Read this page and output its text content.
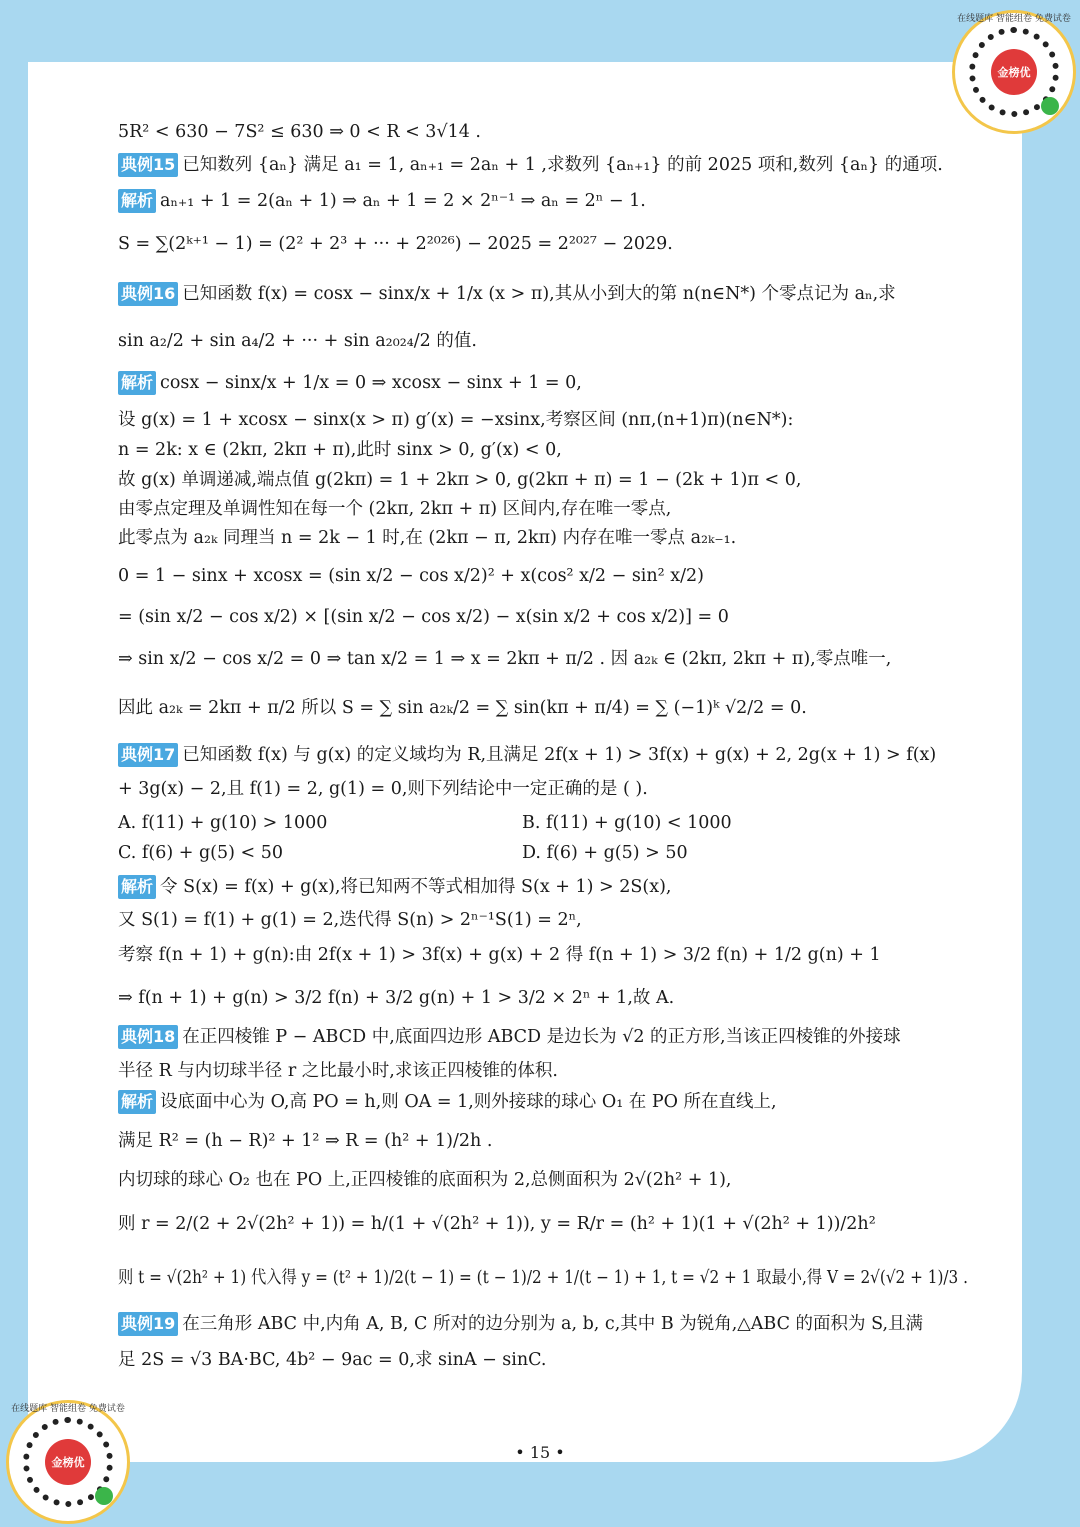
在线题库 智能组卷 免费试卷
金榜优
在线题库 智能组卷 免费试卷
金榜优
5R² < 630 − 7S² ≤ 630 ⇒ 0 < R < 3√14 .
典例15 已知数列 {aₙ} 满足 a₁ = 1, aₙ₊₁ = 2aₙ + 1 ,求数列 {aₙ₊₁} 的前 2025 项和,数列 {aₙ} 的通项.
解析 aₙ₊₁ + 1 = 2(aₙ + 1) ⇒ aₙ + 1 = 2 × 2ⁿ⁻¹ ⇒ aₙ = 2ⁿ − 1.
S = ∑(2ᵏ⁺¹ − 1) = (2² + 2³ + ··· + 2²⁰²⁶) − 2025 = 2²⁰²⁷ − 2029.
典例16 已知函数 f(x) = cosx − sinx/x + 1/x (x > π),其从小到大的第 n(n∈N*) 个零点记为 aₙ,求
sin a₂/2 + sin a₄/2 + ··· + sin a₂₀₂₄/2 的值.
解析 cosx − sinx/x + 1/x = 0 ⇒ xcosx − sinx + 1 = 0,
设 g(x) = 1 + xcosx − sinx(x > π) g′(x) = −xsinx,考察区间 (nπ,(n+1)π)(n∈N*):
n = 2k: x ∈ (2kπ, 2kπ + π),此时 sinx > 0, g′(x) < 0,
故 g(x) 单调递减,端点值 g(2kπ) = 1 + 2kπ > 0, g(2kπ + π) = 1 − (2k + 1)π < 0,
由零点定理及单调性知在每一个 (2kπ, 2kπ + π) 区间内,存在唯一零点,
此零点为 a₂ₖ 同理当 n = 2k − 1 时,在 (2kπ − π, 2kπ) 内存在唯一零点 a₂ₖ₋₁.
0 = 1 − sinx + xcosx = (sin x/2 − cos x/2)² + x(cos² x/2 − sin² x/2)
= (sin x/2 − cos x/2) × [(sin x/2 − cos x/2) − x(sin x/2 + cos x/2)] = 0
⇒ sin x/2 − cos x/2 = 0 ⇒ tan x/2 = 1 ⇒ x = 2kπ + π/2 . 因 a₂ₖ ∈ (2kπ, 2kπ + π),零点唯一,
因此 a₂ₖ = 2kπ + π/2 所以 S = ∑ sin a₂ₖ/2 = ∑ sin(kπ + π/4) = ∑ (−1)ᵏ √2/2 = 0.
典例17 已知函数 f(x) 与 g(x) 的定义域均为 R,且满足 2f(x + 1) > 3f(x) + g(x) + 2, 2g(x + 1) > f(x)
+ 3g(x) − 2,且 f(1) = 2, g(1) = 0,则下列结论中一定正确的是 ( ).
A. f(11) + g(10) > 1000	B. f(11) + g(10) < 1000
C. f(6) + g(5) < 50	D. f(6) + g(5) > 50
解析 令 S(x) = f(x) + g(x),将已知两不等式相加得 S(x + 1) > 2S(x),
又 S(1) = f(1) + g(1) = 2,迭代得 S(n) > 2ⁿ⁻¹S(1) = 2ⁿ,
考察 f(n + 1) + g(n):由 2f(x + 1) > 3f(x) + g(x) + 2 得 f(n + 1) > 3/2 f(n) + 1/2 g(n) + 1
⇒ f(n + 1) + g(n) > 3/2 f(n) + 3/2 g(n) + 1 > 3/2 × 2ⁿ + 1,故 A.
典例18 在正四棱锥 P − ABCD 中,底面四边形 ABCD 是边长为 √2 的正方形,当该正四棱锥的外接球
半径 R 与内切球半径 r 之比最小时,求该正四棱锥的体积.
解析 设底面中心为 O,高 PO = h,则 OA = 1,则外接球的球心 O₁ 在 PO 所在直线上,
满足 R² = (h − R)² + 1² ⇒ R = (h² + 1)/2h .
内切球的球心 O₂ 也在 PO 上,正四棱锥的底面积为 2,总侧面积为 2√(2h² + 1),
则 r = 2/(2 + 2√(2h² + 1)) = h/(1 + √(2h² + 1)), y = R/r = (h² + 1)(1 + √(2h² + 1))/2h²
则 t = √(2h² + 1) 代入得 y = (t² + 1)/2(t − 1) = (t − 1)/2 + 1/(t − 1) + 1, t = √2 + 1 取最小,得 V = 2√(√2 + 1)/3 .
典例19 在三角形 ABC 中,内角 A, B, C 所对的边分别为 a, b, c,其中 B 为锐角,△ABC 的面积为 S,且满
足 2S = √3 BA·BC, 4b² − 9ac = 0,求 sinA − sinC.
• 15 •
